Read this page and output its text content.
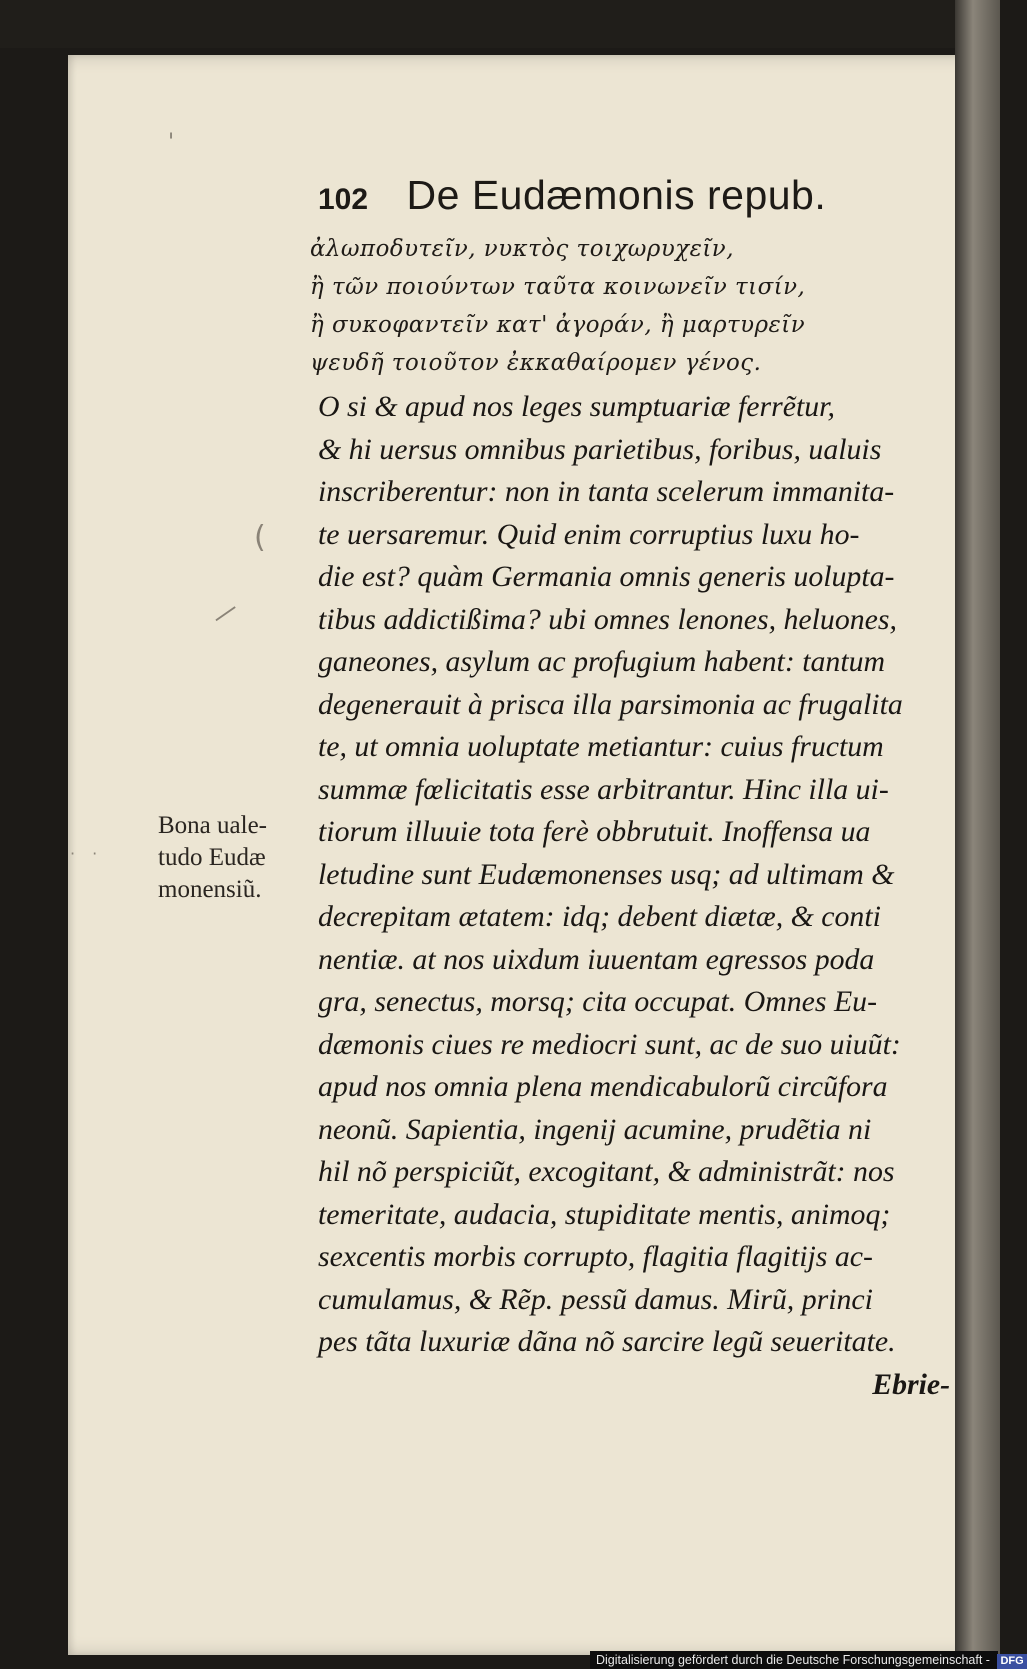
'
(
—
· ·
102 De Eudæmonis repub.
ἀλωποδυτεῖν, νυκτὸς τοιχωρυχεῖν,
ἢ τῶν ποιούντων ταῦτα κοινωνεῖν τισίν,
ἢ συκοφαντεῖν κατ' ἀγοράν, ἢ μαρτυρεῖν
ψευδῆ τοιοῦτον ἐκκαθαίρομεν γένος.
O si & apud nos leges sumptuariæ ferrẽtur,
& hi uersus omnibus parietibus, foribus, ualuis
inscriberentur: non in tanta scelerum immanita-
te uersaremur. Quid enim corruptius luxu ho-
die est? quàm Germania omnis generis uolupta-
tibus addictißima? ubi omnes lenones, heluones,
ganeones, asylum ac profugium habent: tantum
degenerauit à prisca illa parsimonia ac frugalita
te, ut omnia uoluptate metiantur: cuius fructum
summæ fœlicitatis esse arbitrantur. Hinc illa ui-
tiorum illuuie tota ferè obbrutuit. Inoffensa ua
letudine sunt Eudæmonenses usq; ad ultimam &
decrepitam ætatem: idq; debent diætæ, & conti
nentiæ. at nos uixdum iuuentam egressos poda
gra, senectus, morsq; cita occupat. Omnes Eu-
dæmonis ciues re mediocri sunt, ac de suo uiuũt:
apud nos omnia plena mendicabulorũ circũfora
neonũ. Sapientia, ingenij acumine, prudẽtia ni
hil nõ perspiciũt, excogitant, & administrãt: nos
temeritate, audacia, stupiditate mentis, animoq;
sexcentis morbis corrupto, flagitia flagitijs ac-
cumulamus, & Rẽp. pessũ damus. Mirũ, princi
pes tãta luxuriæ dãna nõ sarcire legũ seueritate.
Ebrie-
Bona uale-
tudo Eudæ
monensiũ.
Digitalisierung gefördert durch die Deutsche Forschungsgemeinschaft - DFG
